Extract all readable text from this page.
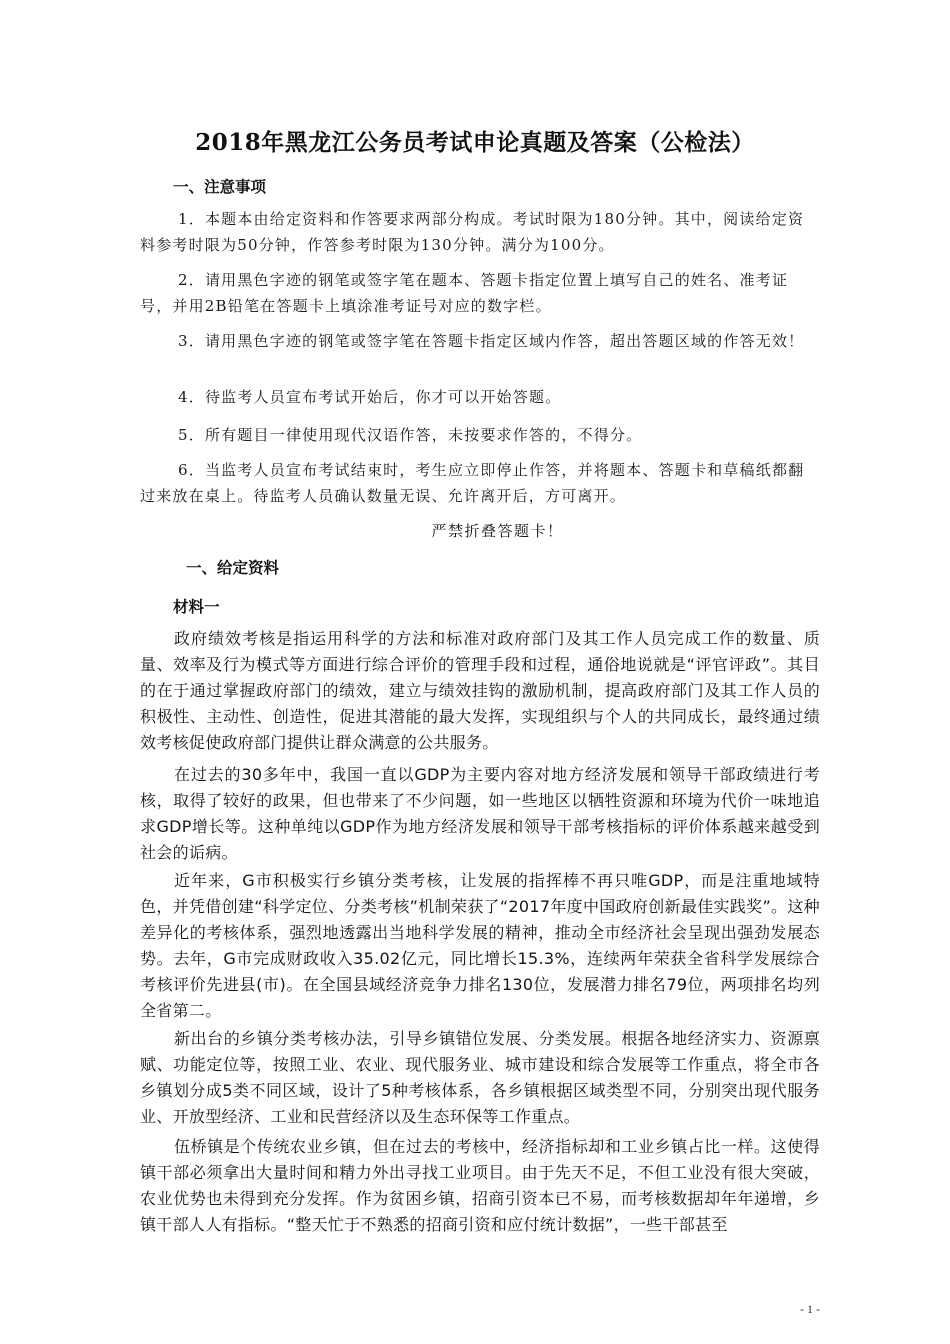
2018年黑龙江公务员考试申论真题及答案（公检法）
一、注意事项

1．本题本由给定资料和作答要求两部分构成。考试时限为180分钟。其中，阅读给定资料参考时限为50分钟，作答参考时限为130分钟。满分为100分。

2．请用黑色字迹的钢笔或签字笔在题本、答题卡指定位置上填写自己的姓名、准考证号，并用2B铅笔在答题卡上填涂准考证号对应的数字栏。

3．请用黑色字迹的钢笔或签字笔在答题卡指定区域内作答，超出答题区域的作答无效！

4．待监考人员宣布考试开始后，你才可以开始答题。

5．所有题目一律使用现代汉语作答，未按要求作答的，不得分。

6．当监考人员宣布考试结束时，考生应立即停止作答，并将题本、答题卡和草稿纸都翻过来放在桌上。待监考人员确认数量无误、允许离开后，方可离开。

严禁折叠答题卡！
一、给定资料
材料一

政府绩效考核是指运用科学的方法和标准对政府部门及其工作人员完成工作的数量、质量、效率及行为模式等方面进行综合评价的管理手段和过程，通俗地说就是“评官评政”。其目的在于通过掌握政府部门的绩效，建立与绩效挂钩的激励机制，提高政府部门及其工作人员的积极性、主动性、创造性，促进其潜能的最大发挥，实现组织与个人的共同成长，最终通过绩效考核促使政府部门提供让群众满意的公共服务。

在过去的30多年中，我国一直以GDP为主要内容对地方经济发展和领导干部政绩进行考核，取得了较好的政果，但也带来了不少问题，如一些地区以牺牲资源和环境为代价一味地追求GDP增长等。这种单纯以GDP作为地方经济发展和领导干部考核指标的评价体系越来越受到社会的诟病。

近年来，G市积极实行乡镇分类考核，让发展的指挥棒不再只唯GDP，而是注重地域特色，并凭借创建“科学定位、分类考核”机制荣获了“2017年度中国政府创新最佳实践奖”。这种差异化的考核体系，强烈地透露出当地科学发展的精神，推动全市经济社会呈现出强劲发展态势。去年，G市完成财政收入35.02亿元，同比增长15.3%，连续两年荣获全省科学发展综合考核评价先进县(市)。在全国县域经济竞争力排名130位，发展潜力排名79位，两项排名均列全省第二。

新出台的乡镇分类考核办法，引导乡镇错位发展、分类发展。根据各地经济实力、资源禀赋、功能定位等，按照工业、农业、现代服务业、城市建设和综合发展等工作重点，将全市各乡镇划分成5类不同区域，设计了5种考核体系，各乡镇根据区域类型不同，分别突出现代服务业、开放型经济、工业和民营经济以及生态环保等工作重点。

伍桥镇是个传统农业乡镇，但在过去的考核中，经济指标却和工业乡镇占比一样。这使得镇干部必须拿出大量时间和精力外出寻找工业项目。由于先天不足，不但工业没有很大突破，农业优势也未得到充分发挥。作为贫困乡镇，招商引资本已不易，而考核数据却年年递增，乡镇干部人人有指标。“整天忙于不熟悉的招商引资和应付统计数据”，一些干部甚至

- 1 -
